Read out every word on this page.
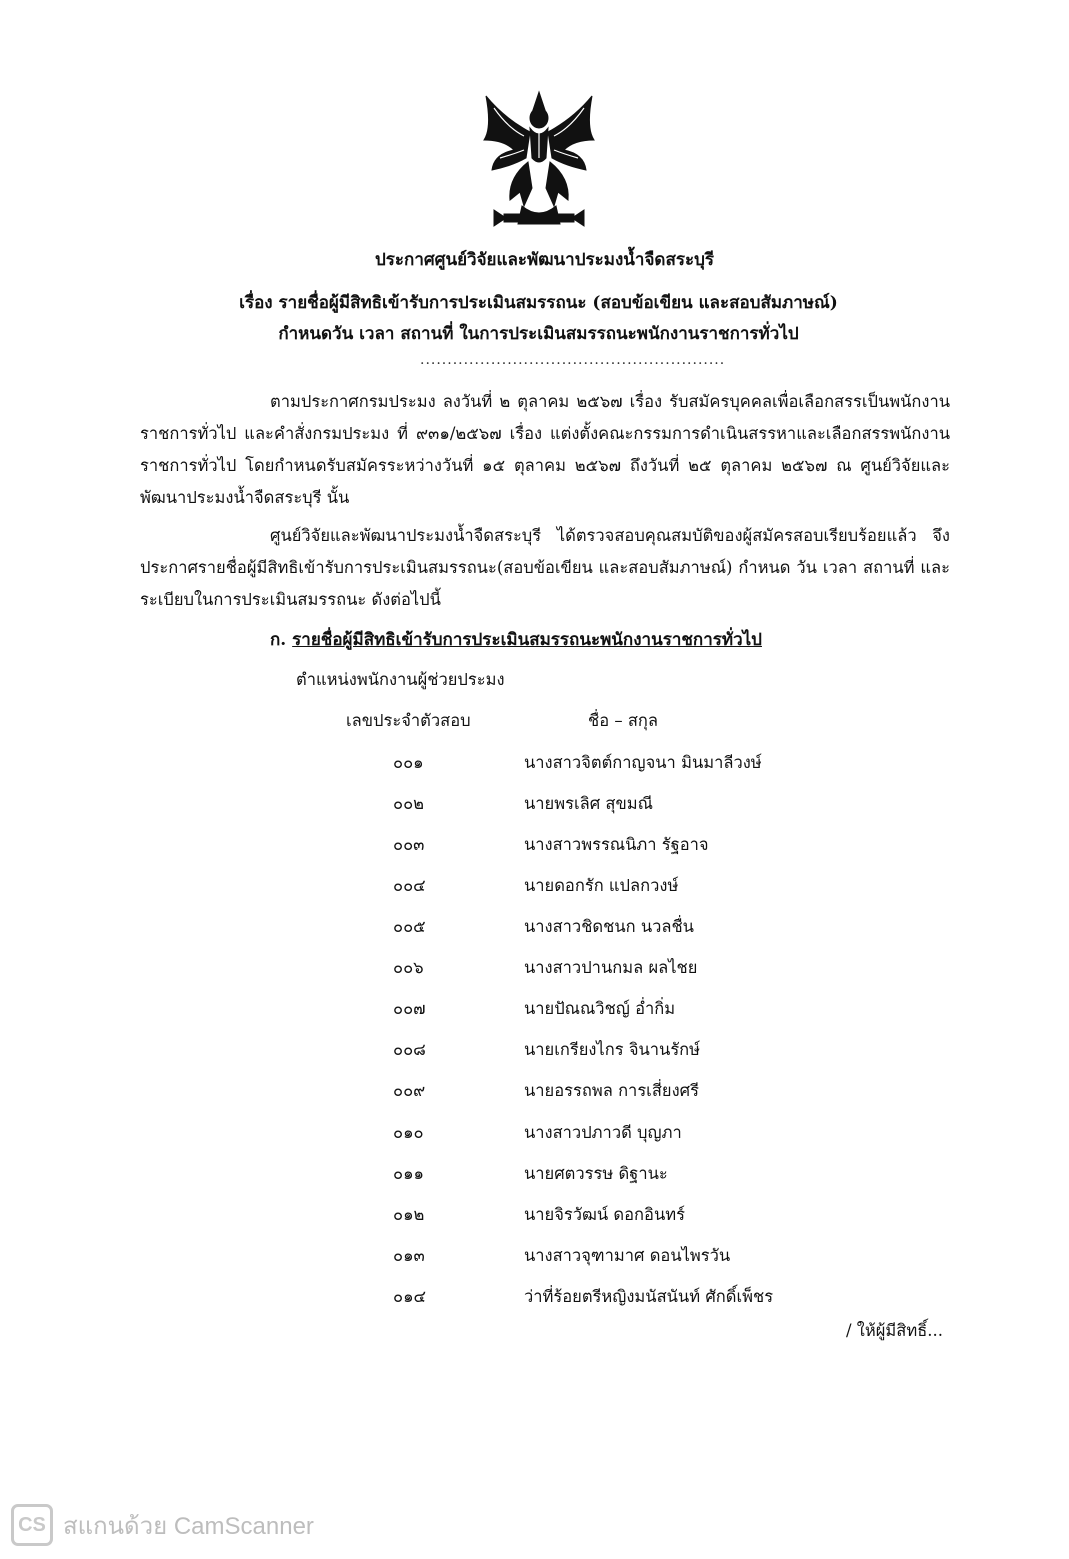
ประกาศศูนย์วิจัยและพัฒนาประมงน้ำจืดสระบุรี
เรื่อง รายชื่อผู้มีสิทธิเข้ารับการประเมินสมรรถนะ (สอบข้อเขียน และสอบสัมภาษณ์)
กำหนดวัน เวลา สถานที่ ในการประเมินสมรรถนะพนักงานราชการทั่วไป
........................................................

ตามประกาศกรมประมง ลงวันที่ ๒ ตุลาคม ๒๕๖๗ เรื่อง รับสมัครบุคคลเพื่อเลือกสรรเป็นพนักงานราชการทั่วไป และคำสั่งกรมประมง ที่ ๙๓๑/๒๕๖๗ เรื่อง แต่งตั้งคณะกรรมการดำเนินสรรหาและเลือกสรรพนักงานราชการทั่วไป โดยกำหนดรับสมัครระหว่างวันที่ ๑๕ ตุลาคม ๒๕๖๗ ถึงวันที่ ๒๕ ตุลาคม ๒๕๖๗ ณ ศูนย์วิจัยและพัฒนาประมงน้ำจืดสระบุรี นั้น

ศูนย์วิจัยและพัฒนาประมงน้ำจืดสระบุรี ได้ตรวจสอบคุณสมบัติของผู้สมัครสอบเรียบร้อยแล้ว จึงประกาศรายชื่อผู้มีสิทธิเข้ารับการประเมินสมรรถนะ(สอบข้อเขียน และสอบสัมภาษณ์) กำหนด วัน เวลา สถานที่ และระเบียบในการประเมินสมรรถนะ ดังต่อไปนี้

ก. รายชื่อผู้มีสิทธิเข้ารับการประเมินสมรรถนะพนักงานราชการทั่วไป
ตำแหน่งพนักงานผู้ช่วยประมง
เลขประจำตัวสอบ	ชื่อ – สกุล
๐๐๑	นางสาวจิตต์กาญจนา มินมาลีวงษ์
๐๐๒	นายพรเลิศ สุขมณี
๐๐๓	นางสาวพรรณนิภา รัฐอาจ
๐๐๔	นายดอกรัก แปลกวงษ์
๐๐๕	นางสาวชิดชนก นวลชื่น
๐๐๖	นางสาวปานกมล ผลไชย
๐๐๗	นายปัณณวิชญ์ อ่ำกิ่ม
๐๐๘	นายเกรียงไกร จินานรักษ์
๐๐๙	นายอรรถพล การเสี่ยงศรี
๐๑๐	นางสาวปภาวดี บุญภา
๐๑๑	นายศตวรรษ ดิฐานะ
๐๑๒	นายจิรวัฒน์ ดอกอินทร์
๐๑๓	นางสาวจุฑามาศ ดอนไพรวัน
๐๑๔	ว่าที่ร้อยตรีหญิงมนัสนันท์ ศักดิ์เพ็ชร
/ ให้ผู้มีสิทธิ์...
CS สแกนด้วย CamScanner
